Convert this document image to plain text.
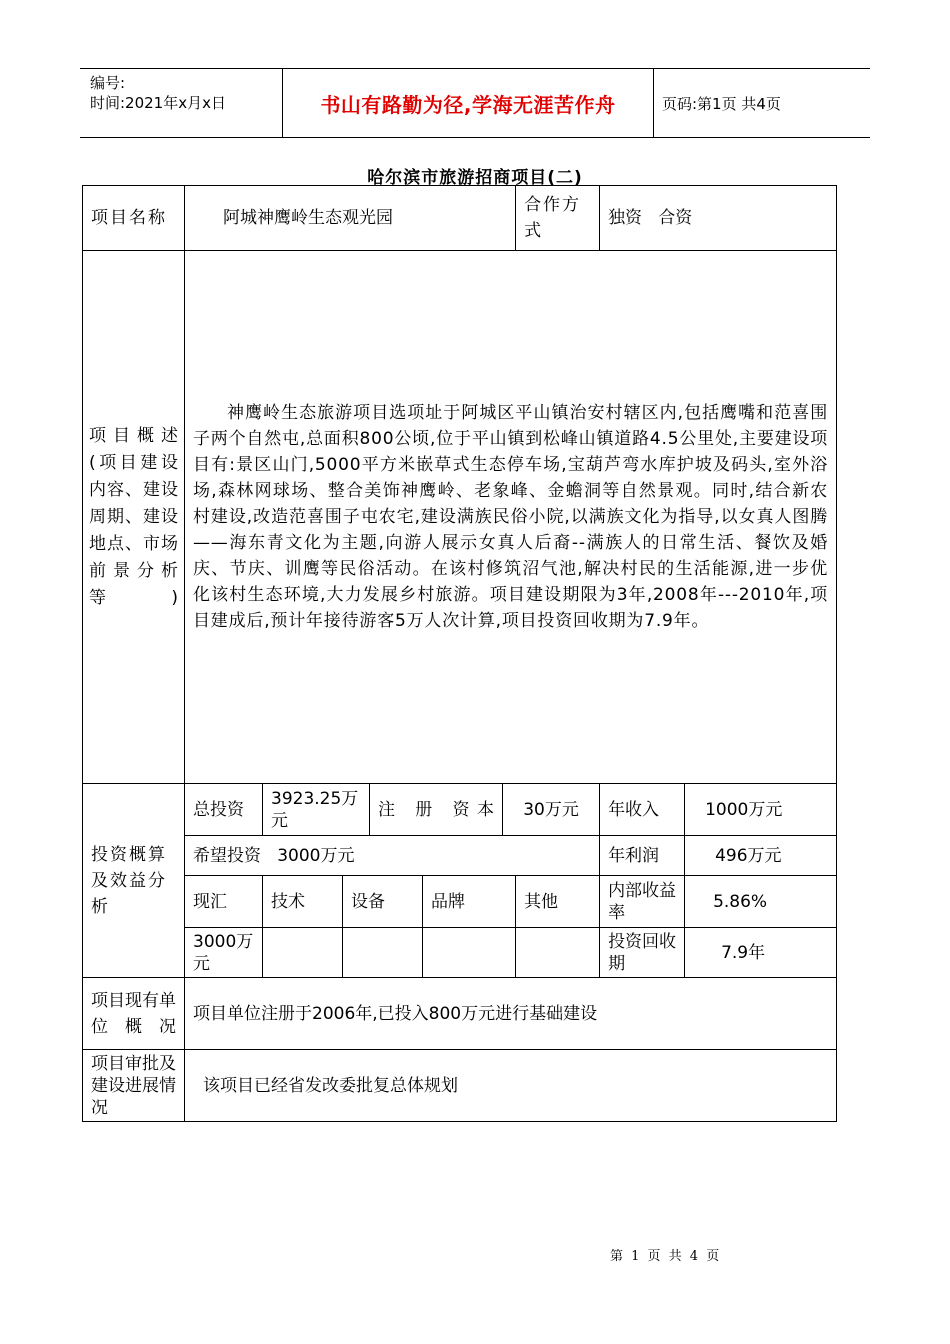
编号:
时间:2021年x月x日	书山有路勤为径,学海无涯苦作舟	页码:第1页 共4页
哈尔滨市旅游招商项目(二)
项目名称	阿城神鹰岭生态观光园						合作方式	独资   合资	
项目概述(项目建设内容、建设周期、建设地点、市场前景分析等)	神鹰岭生态旅游项目选项址于阿城区平山镇治安村辖区内,包括鹰嘴和范喜围子两个自然屯,总面积800公顷,位于平山镇到松峰山镇道路4.5公里处,主要建设项目有:景区山门,5000平方米嵌草式生态停车场,宝葫芦弯水库护坡及码头,室外浴场,森林网球场、整合美饰神鹰岭、老象峰、金蟾洞等自然景观。同时,结合新农村建设,改造范喜围子屯农宅,建设满族民俗小院,以满族文化为指导,以女真人图腾——海东青文化为主题,向游人展示女真人后裔--满族人的日常生活、餐饮及婚庆、节庆、训鹰等民俗活动。在该村修筑沼气池,解决村民的生活能源,进一步优化该村生态环境,大力发展乡村旅游。项目建设期限为3年,2008年---2010年,项目建成后,预计年接待游客5万人次计算,项目投资回收期为7.9年。								
投资概算及效益分析	总投资	3923.25万元		注 册 资本		30万元		年收入	1000万元
	希望投资   3000万元							年利润	496万元
	现汇	技术	设备		品牌		其他	内部收益率	5.86%
	3000万元							投资回收期	7.9年
项目现有单位概况	项目单位注册于2006年,已投入800万元进行基础建设								
项目审批及建设进展情况	该项目已经省发改委批复总体规划								
第 1 页 共 4 页
